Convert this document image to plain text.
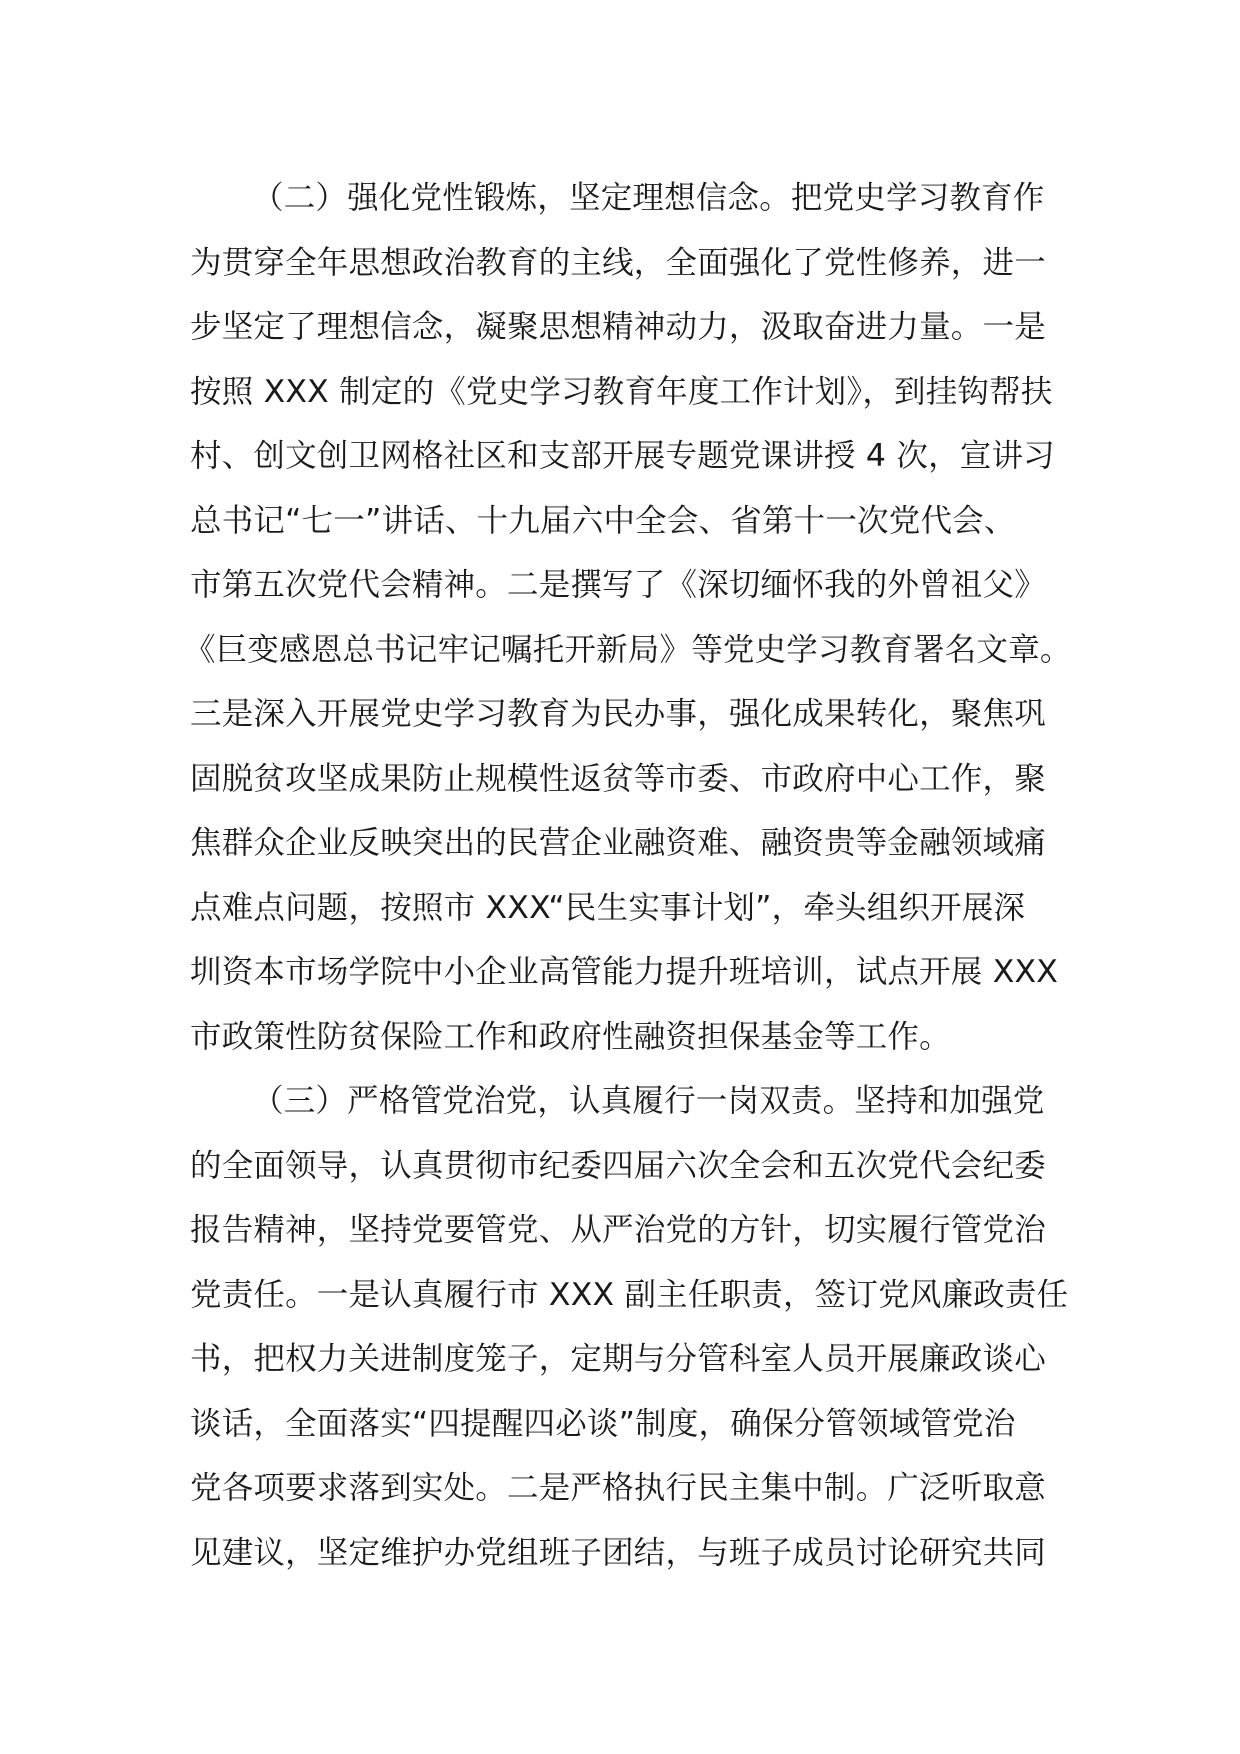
（二）强化党性锻炼，坚定理想信念。把党史学习教育作
为贯穿全年思想政治教育的主线，全面强化了党性修养，进一
步坚定了理想信念，凝聚思想精神动力，汲取奋进力量。一是
按照 XXX 制定的《党史学习教育年度工作计划》，到挂钩帮扶
村、创文创卫网格社区和支部开展专题党课讲授 4 次，宣讲习
总书记“七一”讲话、十九届六中全会、省第十一次党代会、
市第五次党代会精神。二是撰写了《深切缅怀我的外曾祖父》
《巨变感恩总书记牢记嘱托开新局》等党史学习教育署名文章。
三是深入开展党史学习教育为民办事，强化成果转化，聚焦巩
固脱贫攻坚成果防止规模性返贫等市委、市政府中心工作，聚
焦群众企业反映突出的民营企业融资难、融资贵等金融领域痛
点难点问题，按照市 XXX“民生实事计划”，牵头组织开展深
圳资本市场学院中小企业高管能力提升班培训，试点开展 XXX
市政策性防贫保险工作和政府性融资担保基金等工作。
（三）严格管党治党，认真履行一岗双责。坚持和加强党
的全面领导，认真贯彻市纪委四届六次全会和五次党代会纪委
报告精神，坚持党要管党、从严治党的方针，切实履行管党治
党责任。一是认真履行市 XXX 副主任职责，签订党风廉政责任
书，把权力关进制度笼子，定期与分管科室人员开展廉政谈心
谈话，全面落实“四提醒四必谈”制度，确保分管领域管党治
党各项要求落到实处。二是严格执行民主集中制。广泛听取意
见建议，坚定维护办党组班子团结，与班子成员讨论研究共同
